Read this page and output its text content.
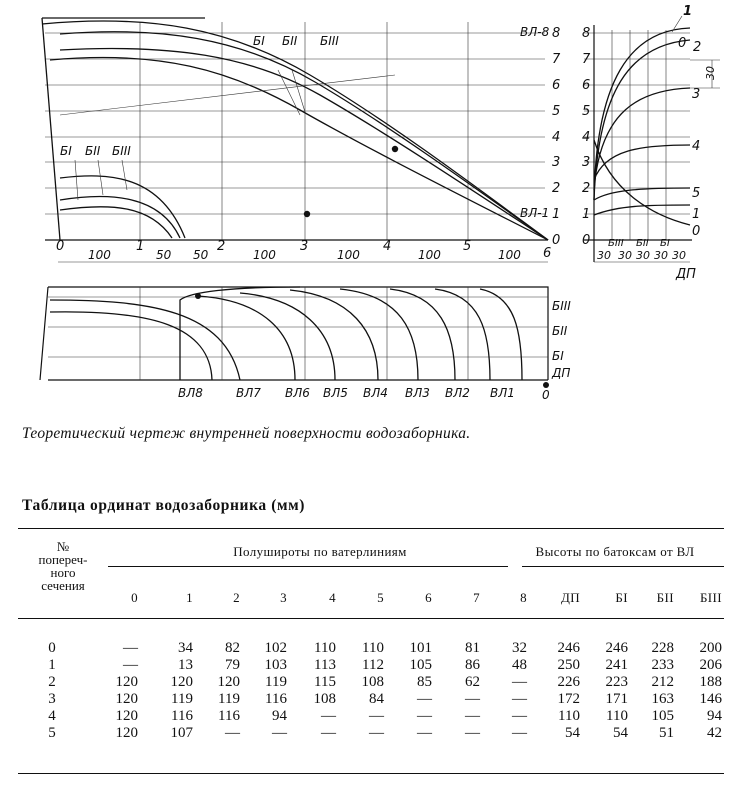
ВЛ-8
ВЛ-1
8
7
6
5
4
3
2
1
0
БI БII БIII
БI БII БIII
0	1	2	3	4	5	6
100	50 50	100	100	100	100
8
7
6
5
4
3
2
1
0
1
0 2
3
4
5
1
0
30
БIII БII БI
30 30 30 30 30
ДП
ВЛ8	ВЛ7 ВЛ6 ВЛ5 ВЛ4 ВЛ3 ВЛ2 ВЛ1 0
БIII
БII
БI
ДП
Теоретический чертеж внутренней поверхности водозаборника.
Таблица ординат водозаборника (мм)
№
попереч-
ного
сечения
Полушироты по ватерлиниям	Высоты по батоксам от ВЛ
0	1	2	3	4	5	6	7	8	ДП	БI	БII	БIII
0	—	34	82	102	110	110	101	81	32	246	246	228	200
1	—	13	79	103	113	112	105	86	48	250	241	233	206
2	120	120	120	119	115	108	85	62	—	226	223	212	188
3	120	119	119	116	108	84	—	—	—	172	171	163	146
4	120	116	116	94	—	—	—	—	—	110	110	105	94
5	120	107	—	—	—	—	—	—	—	54	54	51	42
